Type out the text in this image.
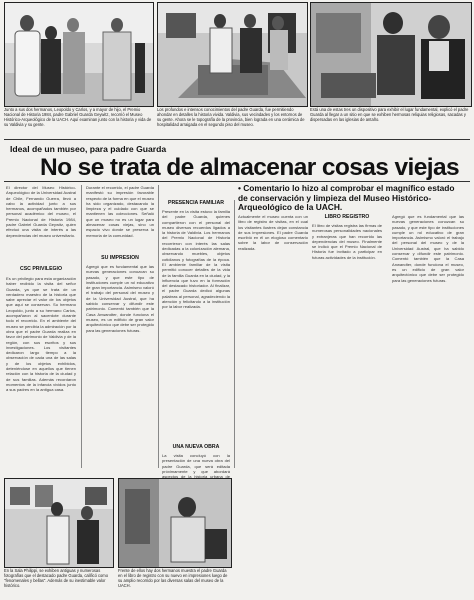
Junto a sus dos hermanos, Leopoldo y Carlos, y a mayor de hijo, el Premio Nacional de Historia 1984, padre Gabriel Guarda Geywitz, recorrió el Museo Histórico-Arqueológico de la UACH. Aquí examinan junto con la historia y vida de su Valdivia y su gente.

Los profundos e intensos conocimientos del padre Guarda, fue permitiendo ahondar en detalles la historia vivida. Valdivia, sus vecindades y los entornos de su gente. Ahora se le topografía de la provincia, bien lograda en una cerámica de hospitalidad arraigada en el segundo piso del museo.

Está una de estas tres un dispositivo para exhibir el lugar fundamental, explicó el padre Guarda al llegar a un sitio en que se exhiben hermosas reliquias religiosas, sacadas y dispersadas en las iglesias de antaño.

Ideal de un museo, para padre Guarda

No se trata de almacenar cosas viejas

• Comentario lo hizo al comprobar el magnífico estado de conservación y limpieza del Museo Histórico-Arqueológico de la UACH.

El director del Museo Histórico-Arqueológico de la Universidad Austral de Chile, Fernando Guerra, llevó a cabo la actividad junto a sus hermanos, acompañados también por personal académico del museo, el Premio Nacional de Historia 1984, padre Gabriel Guarda Geywitz, quien efectuó una visita de interés a las dependencias del museo universitario.

CSC PRIVILEGIO

Es un privilegio para esta organización haber recibido la visita del señor Guarda, ya que se trata de un verdadero maestro de la historia que sabe apreciar el valor de los objetos que aquí se conservan. Su hermano Leopoldo, junto a su hermano Carlos, acompañaron al sacerdote durante todo el recorrido. En el ambiente del museo se percibía la admiración por la obra que el padre Guarda realiza en favor del patrimonio de Valdivia y de la región, con sus escritos y sus investigaciones. Los visitantes dedicaron largo tiempo a la observación de cada una de las salas y de los objetos exhibidos, deteniéndose en aquellos que tienen relación con la historia de la ciudad y de sus familias. Además recordaron momentos de la infancia vividos junto a sus padres en la antigua casa.

Durante el recorrido, el padre Guarda manifestó su impresión favorable respecto de la forma en que el museo ha sido organizado, destacando la limpieza y el cuidado con que se mantienen las colecciones. Señaló que un museo no es un lugar para almacenar cosas viejas, sino un espacio vivo donde se preserva la memoria de la comunidad.

SU IMPRESION

Agregó que es fundamental que las nuevas generaciones conozcan su pasado, y que este tipo de instituciones cumple un rol educativo de gran importancia. Asimismo valoró el trabajo del personal del museo y de la Universidad Austral, que ha sabido conservar y difundir este patrimonio. Comentó también que la Casa Anwandter, donde funciona el museo, es un edificio de gran valor arquitectónico que debe ser protegido para las generaciones futuras.

PRESENCIA FAMILIAR

Presente en la visita estuvo la familia del padre Guarda, quienes compartieron con el personal del museo diversos recuerdos ligados a la historia de Valdivia. Los hermanos del Premio Nacional de Historia recorrieron con interés las salas dedicadas a la colonización alemana, observando muebles, objetos cotidianos y fotografías de la época. El ambiente familiar de la visita permitió conocer detalles de la vida de la familia Guarda en la ciudad, y la influencia que tuvo en la formación del destacado historiador. Al finalizar, el padre Guarda dedicó algunas palabras al personal, agradeciendo la atención y felicitando a la institución por la labor realizada.

UNA NUEVA OBRA

La visita concluyó con la presentación de una nueva obra del padre Guarda, que será editada próximamente y que abordará aspectos de la historia urbana de

Actualmente el museo cuenta con un libro de registro de visitas, en el cual los visitantes ilustres dejan constancia de sus impresiones. El padre Guarda escribió en él un elogioso comentario sobre la labor de conservación realizada.

LIBRO REGISTRO

El libro de visitas registra las firmas de numerosas personalidades nacionales y extranjeras que han recorrido las dependencias del museo. Finalmente se indicó que el Premio Nacional de Historia fue invitado a participar en futuras actividades de la institución.

Agregó que es fundamental que las nuevas generaciones conozcan su pasado, y que este tipo de instituciones cumple un rol educativo de gran importancia. Asimismo valoró el trabajo del personal del museo y de la Universidad Austral, que ha sabido conservar y difundir este patrimonio. Comentó también que la Casa Anwandter, donde funciona el museo, es un edificio de gran valor arquitectónico que debe ser protegido para las generaciones futuras.

En la Sala Philippi, se exhiben antiguas y numerosas fotografías que el destacado padre Guarda, calificó como "fenomenales y bellas". Además de su inestimable valor histórico.

Frente de ellos hay dos hermanos muestra el padre Guarda en el libro de registro con su nuevo en impresiones luego de su amplio recorrido por las diversas salas del museo de la UACH.
